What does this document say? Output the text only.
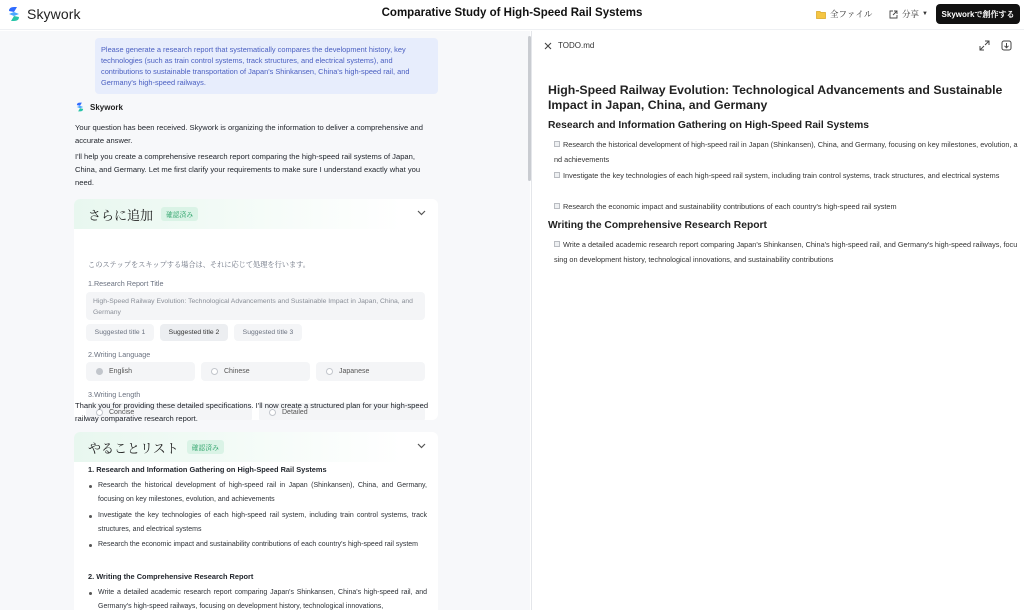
Skywork	Comparative Study of High-Speed Rail Systems	全ファイル	分享 ▼	Skyworkで創作する
Please generate a research report that systematically compares the development history, key technologies (such as train control systems, track structures, and electrical systems), and contributions to sustainable transportation of Japan's Shinkansen, China's high-speed rail, and Germany's high-speed railways.
Skywork
Your question has been received. Skywork is organizing the information to deliver a comprehensive and accurate answer.
I'll help you create a comprehensive research report comparing the high-speed rail systems of Japan, China, and Germany. Let me first clarify your requirements to make sure I understand exactly what you need.
さらに追加	確認済み
このステップをスキップする場合は、それに応じて処理を行います。
1.Research Report Title
High-Speed Railway Evolution: Technological Advancements and Sustainable Impact in Japan, China, and Germany
Suggested title 1	Suggested title 2	Suggested title 3
2.Writing Language
English	Chinese	Japanese
3.Writing Length
Concise	Detailed
Thank you for providing these detailed specifications. I'll now create a structured plan for your high-speed railway comparative research report.
やることリスト	確認済み
1. Research and Information Gathering on High-Speed Rail Systems
Research the historical development of high-speed rail in Japan (Shinkansen), China, and Germany, focusing on key milestones, evolution, and achievements
Investigate the key technologies of each high-speed rail system, including train control systems, track structures, and electrical systems
Research the economic impact and sustainability contributions of each country's high-speed rail system
2. Writing the Comprehensive Research Report
Write a detailed academic research report comparing Japan's Shinkansen, China's high-speed rail, and Germany's high-speed railways, focusing on development history, technological innovations,
TODO.md
High-Speed Railway Evolution: Technological Advancements and Sustainable Impact in Japan, China, and Germany
Research and Information Gathering on High-Speed Rail Systems
Research the historical development of high-speed rail in Japan (Shinkansen), China, and Germany, focusing on key milestones, evolution, and achievements
Investigate the key technologies of each high-speed rail system, including train control systems, track structures, and electrical systems
Research the economic impact and sustainability contributions of each country's high-speed rail system
Writing the Comprehensive Research Report
Write a detailed academic research report comparing Japan's Shinkansen, China's high-speed rail, and Germany's high-speed railways, focusing on development history, technological innovations, and sustainability contributions
